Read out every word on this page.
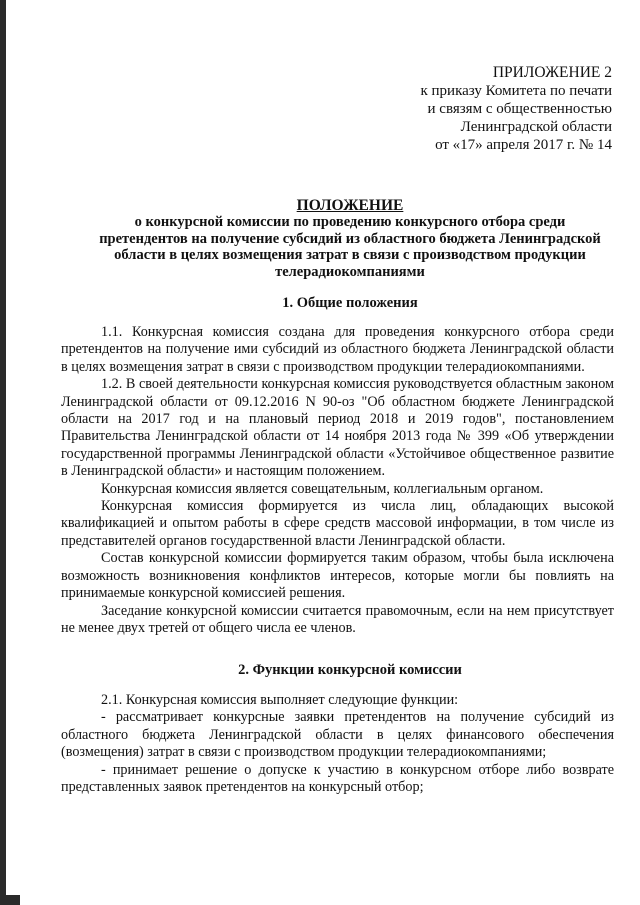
ПРИЛОЖЕНИЕ 2
к приказу Комитета по печати
и связям с общественностью
Ленинградской области
от «17» апреля 2017 г. № 14
ПОЛОЖЕНИЕ
о конкурсной комиссии по проведению конкурсного отбора среди претендентов на получение субсидий из областного бюджета Ленинградской области в целях возмещения затрат в связи с производством продукции телерадиокомпаниями
1. Общие положения

1.1. Конкурсная комиссия создана для проведения конкурсного отбора среди претендентов на получение ими субсидий из областного бюджета Ленинградской области в целях возмещения затрат в связи с производством продукции телерадиокомпаниями.

1.2. В своей деятельности конкурсная комиссия руководствуется областным законом Ленинградской области от 09.12.2016 N 90-оз "Об областном бюджете Ленинградской области на 2017 год и на плановый период 2018 и 2019 годов", постановлением Правительства Ленинградской области от 14 ноября 2013 года № 399 «Об утверждении государственной программы Ленинградской области «Устойчивое общественное развитие в Ленинградской области» и настоящим положением.

Конкурсная комиссия является совещательным, коллегиальным органом.

Конкурсная комиссия формируется из числа лиц, обладающих высокой квалификацией и опытом работы в сфере средств массовой информации, в том числе из представителей органов государственной власти Ленинградской области.

Состав конкурсной комиссии формируется таким образом, чтобы была исключена возможность возникновения конфликтов интересов, которые могли бы повлиять на принимаемые конкурсной комиссией решения.

Заседание конкурсной комиссии считается правомочным, если на нем присутствует не менее двух третей от общего числа ее членов.

2. Функции конкурсной комиссии

2.1. Конкурсная комиссия выполняет следующие функции:

- рассматривает конкурсные заявки претендентов на получение субсидий из областного бюджета Ленинградской области в целях финансового обеспечения (возмещения) затрат в связи с производством продукции телерадиокомпаниями;

- принимает решение о допуске к участию в конкурсном отборе либо возврате представленных заявок претендентов на конкурсный отбор;
